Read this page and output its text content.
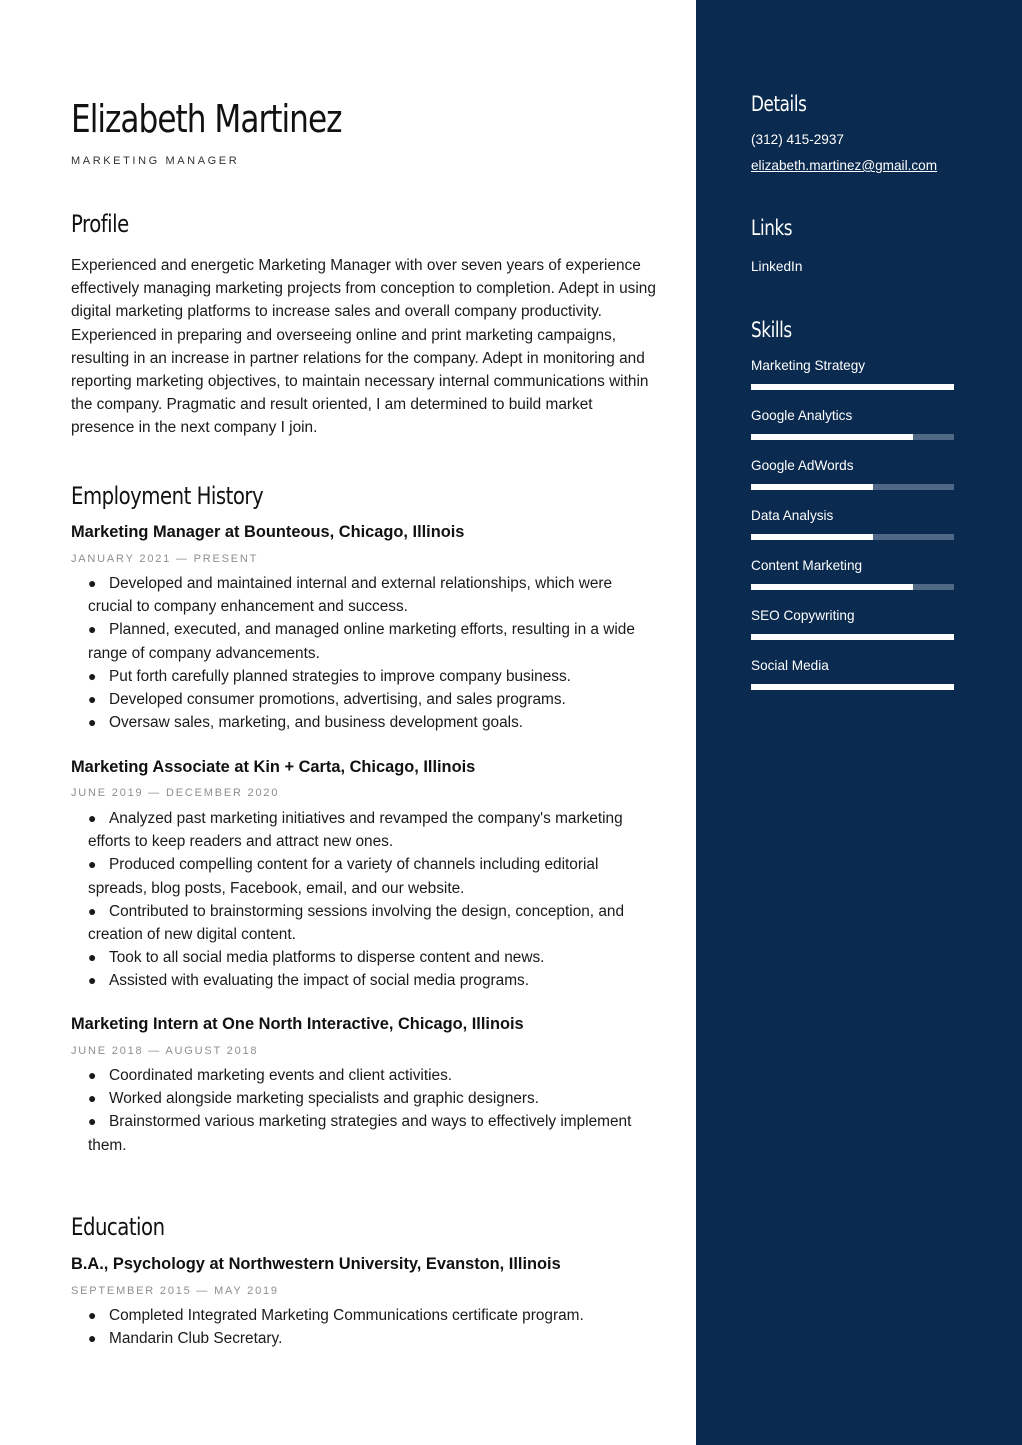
Elizabeth Martinez
MARKETING MANAGER
Profile

Experienced and energetic Marketing Manager with over seven years of experience effectively managing marketing projects from conception to completion. Adept in using digital marketing platforms to increase sales and overall company productivity. Experienced in preparing and overseeing online and print marketing campaigns, resulting in an increase in partner relations for the company. Adept in monitoring and reporting marketing objectives, to maintain necessary internal communications within the company. Pragmatic and result oriented, I am determined to build market presence in the next company I join.

Employment History
Marketing Manager at Bounteous, Chicago, Illinois
JANUARY 2021 — PRESENT
● Developed and maintained internal and external relationships, which were crucial to company enhancement and success.
● Planned, executed, and managed online marketing efforts, resulting in a wide range of company advancements.
● Put forth carefully planned strategies to improve company business.
● Developed consumer promotions, advertising, and sales programs.
● Oversaw sales, marketing, and business development goals.
Marketing Associate at Kin + Carta, Chicago, Illinois
JUNE 2019 — DECEMBER 2020
● Analyzed past marketing initiatives and revamped the company's marketing efforts to keep readers and attract new ones.
● Produced compelling content for a variety of channels including editorial spreads, blog posts, Facebook, email, and our website.
● Contributed to brainstorming sessions involving the design, conception, and creation of new digital content.
● Took to all social media platforms to disperse content and news.
● Assisted with evaluating the impact of social media programs.
Marketing Intern at One North Interactive, Chicago, Illinois
JUNE 2018 — AUGUST 2018
● Coordinated marketing events and client activities.
● Worked alongside marketing specialists and graphic designers.
● Brainstormed various marketing strategies and ways to effectively implement them.
Education
B.A., Psychology at Northwestern University, Evanston, Illinois
SEPTEMBER 2015 — MAY 2019
● Completed Integrated Marketing Communications certificate program.
● Mandarin Club Secretary.
Details
(312) 415-2937
elizabeth.martinez@gmail.com
Links
LinkedIn
Skills
Marketing Strategy
Google Analytics
Google AdWords
Data Analysis
Content Marketing
SEO Copywriting
Social Media
